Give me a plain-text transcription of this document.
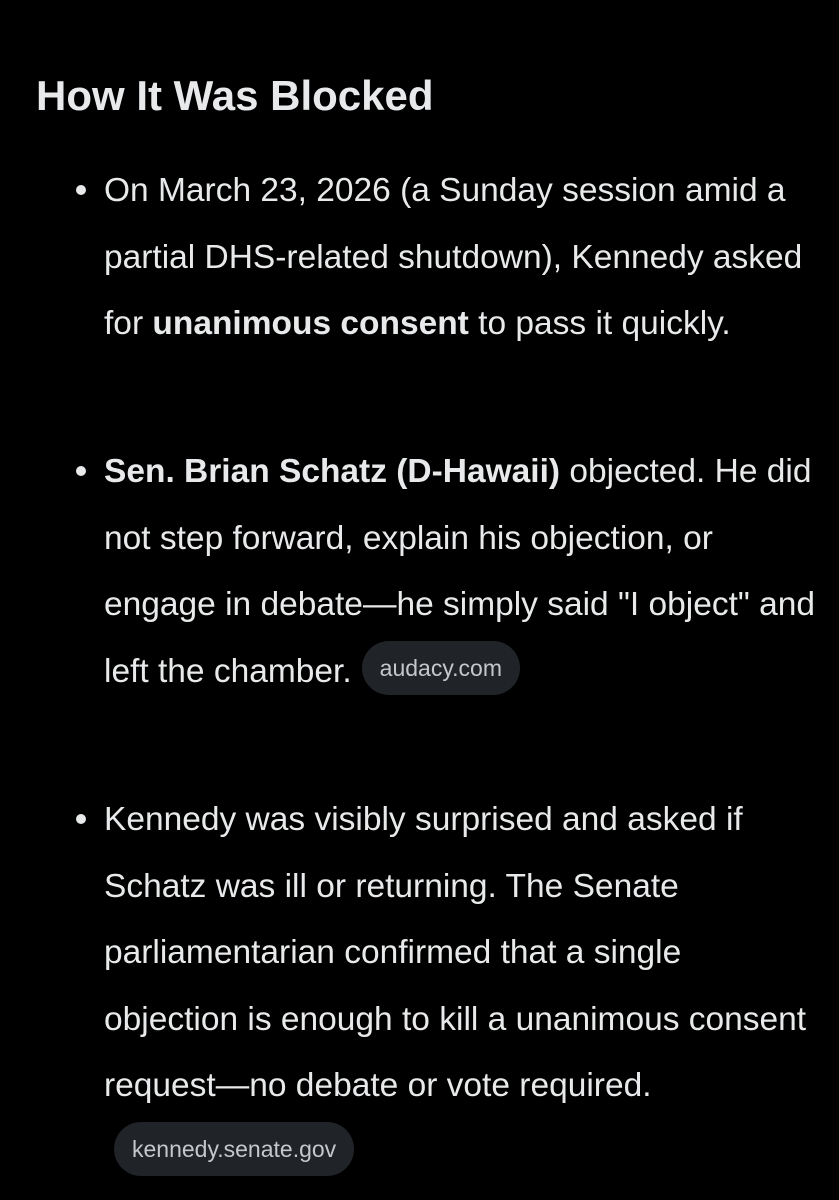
How It Was Blocked
On March 23, 2026 (a Sunday session amid a partial DHS-related shutdown), Kennedy asked for unanimous consent to pass it quickly.
Sen. Brian Schatz (D-Hawaii) objected. He did not step forward, explain his objection, or engage in debate—he simply said "I object" and left the chamber. audacy.com
Kennedy was visibly surprised and asked if Schatz was ill or returning. The Senate parliamentarian confirmed that a single objection is enough to kill a unanimous consent request—no debate or vote required.kennedy.senate.gov
